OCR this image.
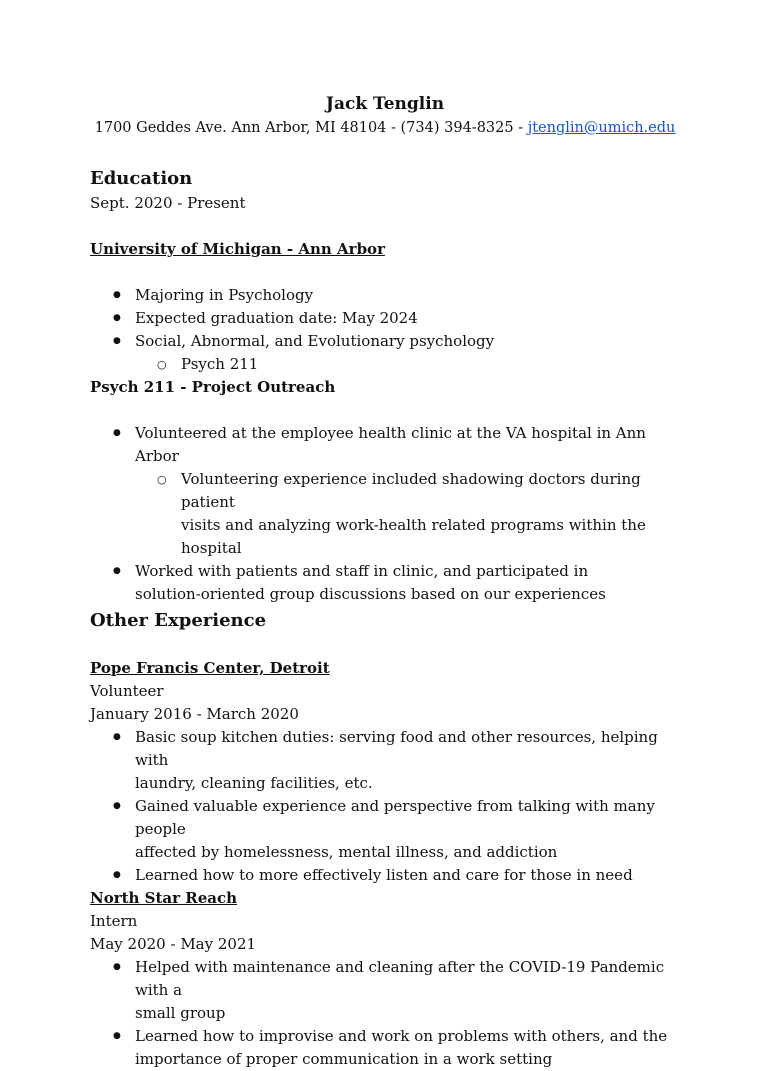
Jack Tenglin
1700 Geddes Ave. Ann Arbor, MI 48104 - (734) 394-8325 - jtenglin@umich.edu
Education
Sept. 2020 - Present
University of Michigan - Ann Arbor
● Majoring in Psychology
● Expected graduation date: May 2024
● Social, Abnormal, and Evolutionary psychology
○ Psych 211
Psych 211 - Project Outreach
● Volunteered at the employee health clinic at the VA hospital in Ann Arbor
○ Volunteering experience included shadowing doctors during patient
visits and analyzing work-health related programs within the hospital
● Worked with patients and staff in clinic, and participated in
solution-oriented group discussions based on our experiences
Other Experience
Pope Francis Center, Detroit
Volunteer
January 2016 - March 2020
● Basic soup kitchen duties: serving food and other resources, helping with
laundry, cleaning facilities, etc.
● Gained valuable experience and perspective from talking with many people
affected by homelessness, mental illness, and addiction
● Learned how to more effectively listen and care for those in need
North Star Reach
Intern
May 2020 - May 2021
● Helped with maintenance and cleaning after the COVID-19 Pandemic with a
small group
● Learned how to improvise and work on problems with others, and the
importance of proper communication in a work setting
